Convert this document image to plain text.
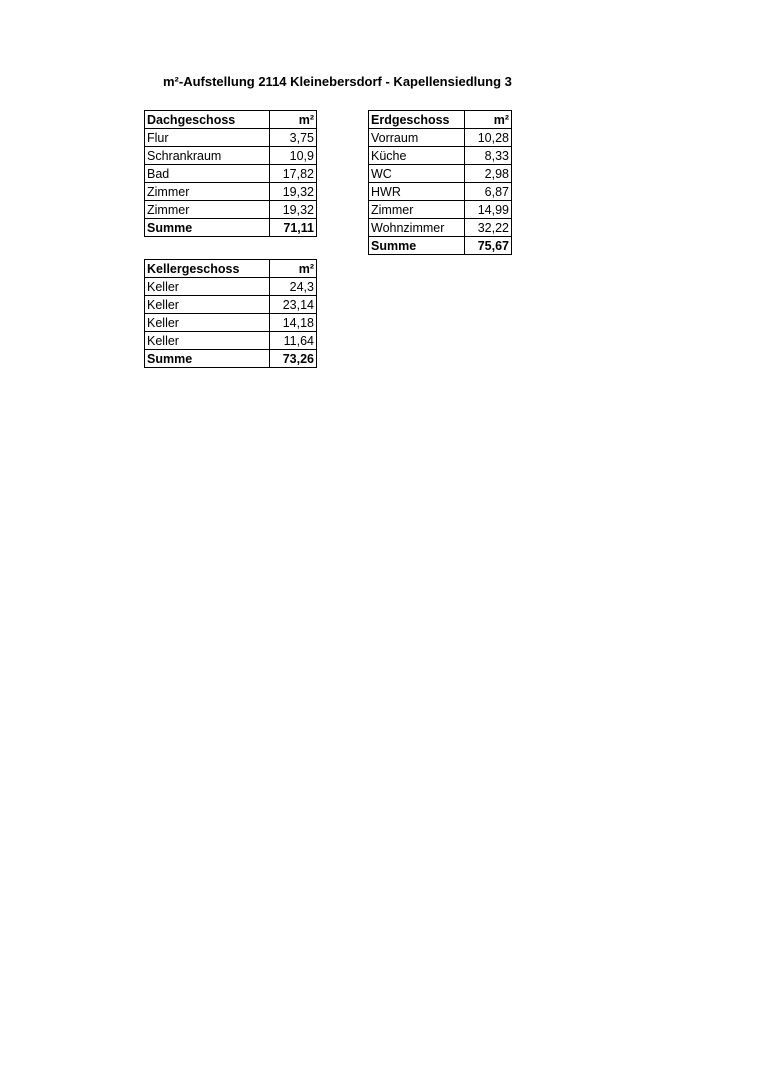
m²-Aufstellung 2114 Kleinebersdorf - Kapellensiedlung 3
Dachgeschoss	m²
Flur	3,75
Schrankraum	10,9
Bad	17,82
Zimmer	19,32
Zimmer	19,32
Summe	71,11
Erdgeschoss	m²
Vorraum	10,28
Küche	8,33
WC	2,98
HWR	6,87
Zimmer	14,99
Wohnzimmer	32,22
Summe	75,67
Kellergeschoss	m²
Keller	24,3
Keller	23,14
Keller	14,18
Keller	11,64
Summe	73,26
